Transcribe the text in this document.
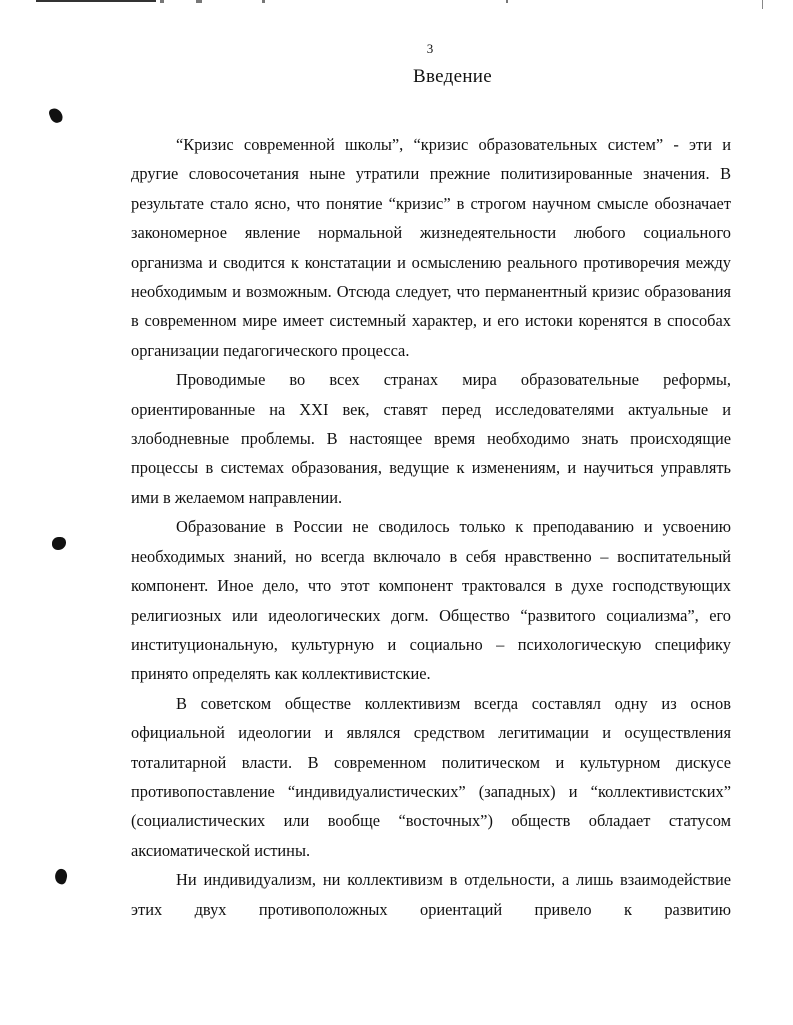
3
Введение

“Кризис современной школы”, “кризис образовательных систем” - эти и другие словосочетания ныне утратили прежние политизированные значения. В результате стало ясно, что понятие “кризис” в строгом научном смысле обозначает закономерное явление нормальной жизнедеятельности любого социального организма и сводится к констатации и осмыслению реального противоречия между необходимым и возможным. Отсюда следует, что перманентный кризис образования в современном мире имеет системный характер, и его истоки коренятся в способах организации педагогического процесса.

Проводимые во всех странах мира образовательные реформы, ориентированные на XXI век, ставят перед исследователями актуальные и злободневные проблемы. В настоящее время необходимо знать происходящие процессы в системах образования, ведущие к изменениям, и научиться управлять ими в желаемом направлении.

Образование в России не сводилось только к преподаванию и усвоению необходимых знаний, но всегда включало в себя нравственно – воспитательный компонент. Иное дело, что этот компонент трактовался в духе господствующих религиозных или идеологических догм. Общество “развитого социализма”, его институциональную, культурную и социально – психологическую специфику принято определять как коллективистские.

В советском обществе коллективизм всегда составлял одну из основ официальной идеологии и являлся средством легитимации и осуществления тоталитарной власти. В современном политическом и культурном дискусе противопоставление “индивидуалистических” (западных) и “коллективистских” (социалистических или вообще “восточных”) обществ обладает статусом аксиоматической истины.

Ни индивидуализм, ни коллективизм в отдельности, а лишь взаимодействие этих двух противоположных ориентаций привело к развитию
